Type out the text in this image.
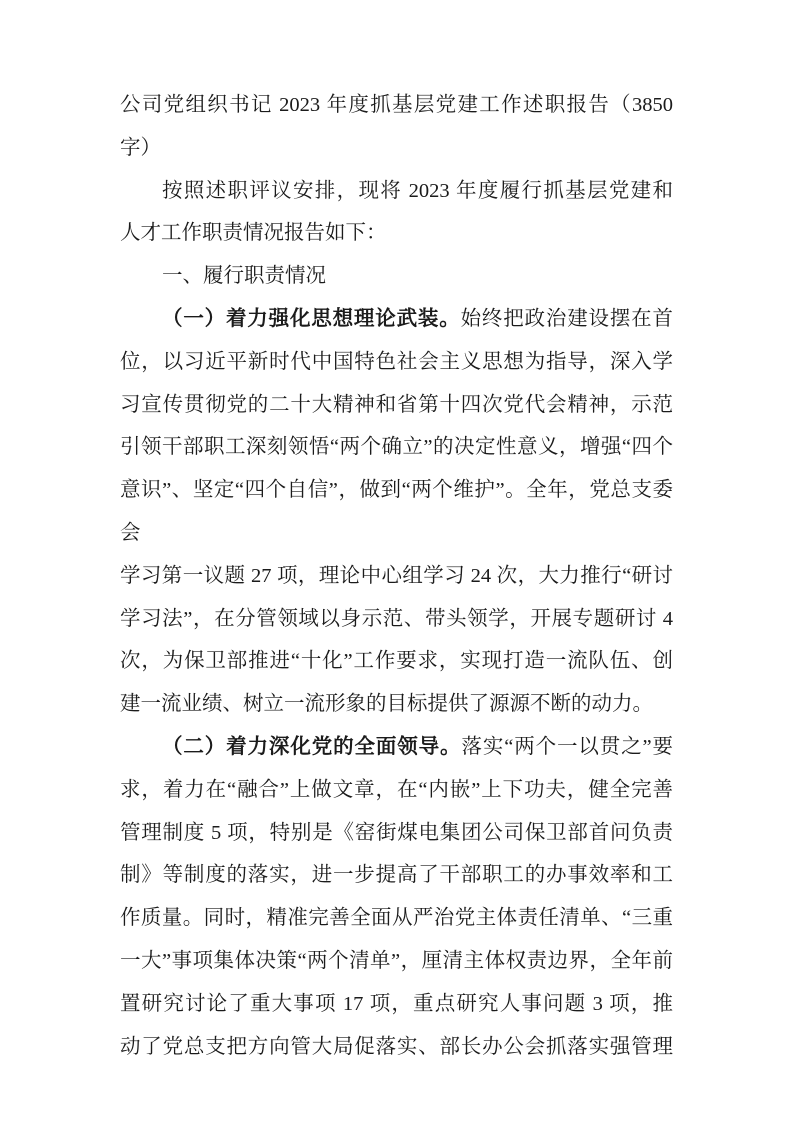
公司党组织书记 2023 年度抓基层党建工作述职报告（3850
字）
按照述职评议安排，现将 2023 年度履行抓基层党建和
人才工作职责情况报告如下：
一、履行职责情况
（一）着力强化思想理论武装。始终把政治建设摆在首
位，以习近平新时代中国特色社会主义思想为指导，深入学
习宣传贯彻党的二十大精神和省第十四次党代会精神，示范
引领干部职工深刻领悟“两个确立”的决定性意义，增强“四个
意识”、坚定“四个自信”，做到“两个维护”。全年，党总支委会
学习第一议题 27 项，理论中心组学习 24 次，大力推行“研讨
学习法”，在分管领域以身示范、带头领学，开展专题研讨 4
次，为保卫部推进“十化”工作要求，实现打造一流队伍、创
建一流业绩、树立一流形象的目标提供了源源不断的动力。
（二）着力深化党的全面领导。落实“两个一以贯之”要
求，着力在“融合”上做文章，在“内嵌”上下功夫，健全完善
管理制度 5 项，特别是《窑街煤电集团公司保卫部首问负责
制》等制度的落实，进一步提高了干部职工的办事效率和工
作质量。同时，精准完善全面从严治党主体责任清单、“三重
一大”事项集体决策“两个清单”，厘清主体权责边界，全年前
置研究讨论了重大事项 17 项，重点研究人事问题 3 项，推
动了党总支把方向管大局促落实、部长办公会抓落实强管理
